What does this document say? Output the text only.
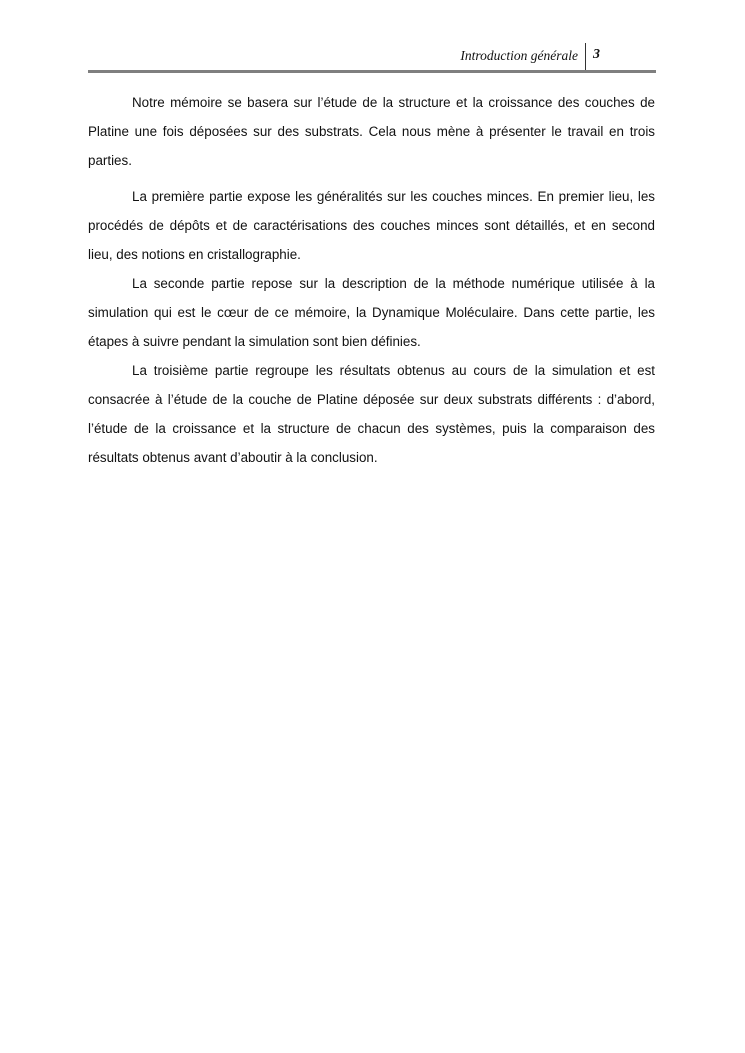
Introduction générale 3

Notre mémoire se basera sur l’étude de la structure et la croissance des couches de Platine une fois déposées sur des substrats. Cela nous mène à présenter le travail en trois parties.

La première partie expose les généralités sur les couches minces. En premier lieu, les procédés de dépôts et de caractérisations des couches minces sont détaillés, et en second lieu, des notions en cristallographie.

La seconde partie repose sur la description de la méthode numérique utilisée à la simulation qui est le cœur de ce mémoire, la Dynamique Moléculaire. Dans cette partie, les étapes à suivre pendant la simulation sont bien définies.

La troisième partie regroupe les résultats obtenus au cours de la simulation et est consacrée à l’étude de la couche de Platine déposée sur deux substrats différents : d’abord, l’étude de la croissance et la structure de chacun des systèmes, puis la comparaison des résultats obtenus avant d’aboutir à la conclusion.
